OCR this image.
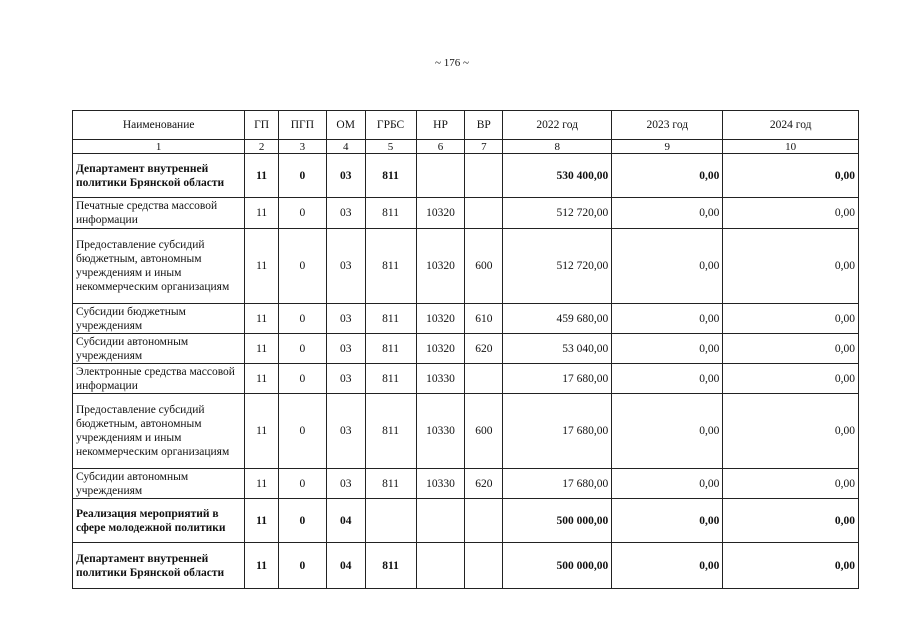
~ 176 ~
Наименование	ГП	ПГП	ОМ	ГРБС	НР	ВР	2022 год	2023 год	2024 год
1	2	3	4	5	6	7	8	9	10
Департамент внутренней политики Брянской области	11	0	03	811			530 400,00	0,00	0,00
Печатные средства массовой информации	11	0	03	811	10320		512 720,00	0,00	0,00
Предоставление субсидий бюджетным, автономным учреждениям и иным некоммерческим организациям	11	0	03	811	10320	600	512 720,00	0,00	0,00
Субсидии бюджетным учреждениям	11	0	03	811	10320	610	459 680,00	0,00	0,00
Субсидии автономным учреждениям	11	0	03	811	10320	620	53 040,00	0,00	0,00
Электронные средства массовой информации	11	0	03	811	10330		17 680,00	0,00	0,00
Предоставление субсидий бюджетным, автономным учреждениям и иным некоммерческим организациям	11	0	03	811	10330	600	17 680,00	0,00	0,00
Субсидии автономным учреждениям	11	0	03	811	10330	620	17 680,00	0,00	0,00
Реализация мероприятий в сфере молодежной политики	11	0	04				500 000,00	0,00	0,00
Департамент внутренней политики Брянской области	11	0	04	811			500 000,00	0,00	0,00
